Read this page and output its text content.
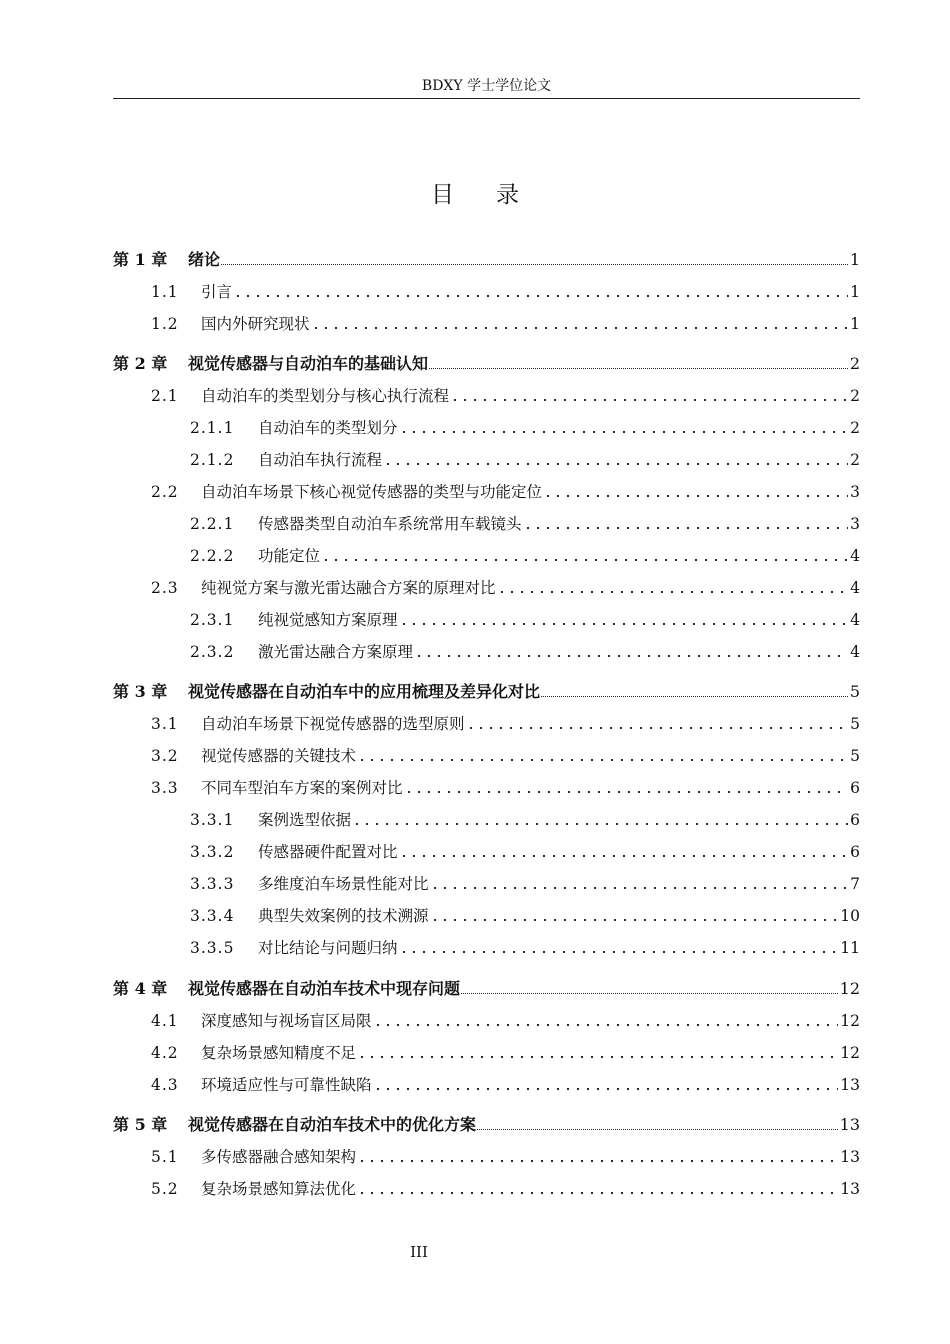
BDXY 学士学位论文
目录
第 1 章	绪论	1
1.1	引言	1
1.2	国内外研究现状	1
第 2 章	视觉传感器与自动泊车的基础认知	2
2.1	自动泊车的类型划分与核心执行流程	2
2.1.1	自动泊车的类型划分	2
2.1.2	自动泊车执行流程	2
2.2	自动泊车场景下核心视觉传感器的类型与功能定位	3
2.2.1	传感器类型自动泊车系统常用车载镜头	3
2.2.2	功能定位	4
2.3	纯视觉方案与激光雷达融合方案的原理对比	4
2.3.1	纯视觉感知方案原理	4
2.3.2	激光雷达融合方案原理	4
第 3 章	视觉传感器在自动泊车中的应用梳理及差异化对比	5
3.1	自动泊车场景下视觉传感器的选型原则	5
3.2	视觉传感器的关键技术	5
3.3	不同车型泊车方案的案例对比	6
3.3.1	案例选型依据	6
3.3.2	传感器硬件配置对比	6
3.3.3	多维度泊车场景性能对比	7
3.3.4	典型失效案例的技术溯源	10
3.3.5	对比结论与问题归纳	11
第 4 章	视觉传感器在自动泊车技术中现存问题	12
4.1	深度感知与视场盲区局限	12
4.2	复杂场景感知精度不足	12
4.3	环境适应性与可靠性缺陷	13
第 5 章	视觉传感器在自动泊车技术中的优化方案	13
5.1	多传感器融合感知架构	13
5.2	复杂场景感知算法优化	13
III
